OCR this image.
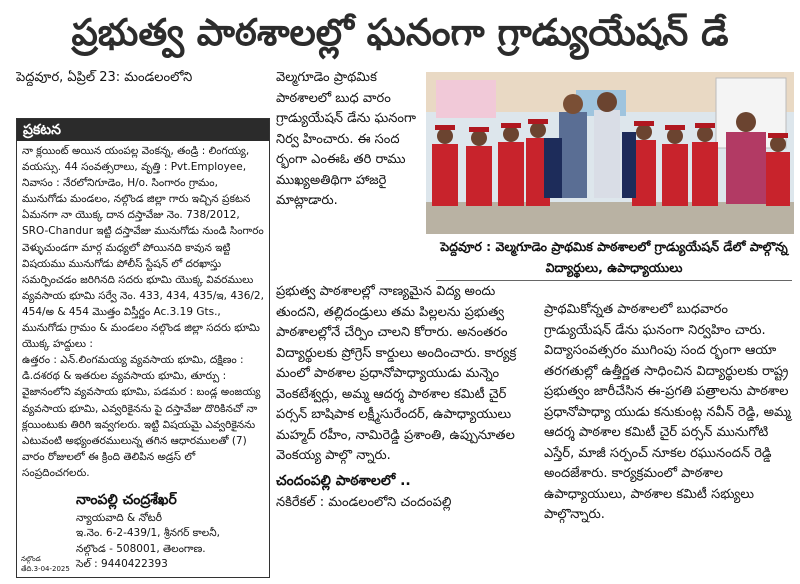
ప్రభుత్వ పాఠశాలల్లో ఘనంగా గ్రాడ్యుయేషన్ డే
పెద్దవూర, ఏప్రిల్ 23: మండలంలోని
ప్రకటన

నా క్లయింట్ అయిన యంపల్ల వెంకన్న, తండ్రి : లింగయ్య, వయస్సు. 44 సంవత్సరాలు, వృత్తి : Pvt.Employee, నివాసం : నేరలోనిగూడెం, H/o. సింగారం గ్రామం, మునుగోడు మండలం, నల్గొండ జిల్లా గారు ఇచ్చిన ప్రకటన ఏమనగా నా యొక్క దాన దస్తావేజు నెం. 738/2012, SRO-Chandur ఇట్టి దస్తావేజు మునుగోడు నుండి సింగారం వెళ్ళుచుండగా మార్గ మధ్యలో పోయినది కావున ఇట్టి విషయము మునుగోడు పోలీస్ స్టేషన్ లో దరఖాస్తు సమర్పించడం జరిగినది సదరు భూమి యొక్క వివరములు వ్యవసాయ భూమి సర్వే నెం. 433, 434, 435/ఇ, 436/2, 454/అ & 454 మొత్తం విస్తీర్ణం Ac.3.19 Gts., మునుగోడు గ్రామం & మండలం నల్గొండ జిల్లా సదరు భూమి యొక్క హద్దులు :

ఉత్తరం : ఎన్.లింగమయ్య వ్యవసాయ భూమి, దక్షిణం : డి.దశరథ & ఇతరుల వ్యవసాయ భూమి, తూర్పు : వైజానంలోని వ్యవసాయ భూమి, పడమర : బండ్ల అంజయ్య వ్యవసాయ భూమి, ఎవ్వరికైనను పై దస్తావేజు దొరికినచో నా క్లయింటుకు తిరిగి ఇవ్వగలరు. ఇట్టి విషయమై ఎవ్వరికైనను ఎటువంటి అభ్యంతరములున్న తగిన ఆధారములతో (7) వారం రోజులలో ఈ క్రింది తెలిపిన అడ్రస్ లో సంప్రదించగలరు.

నాంపల్లి చంద్రశేఖర్
న్యాయవాది & నోటరీ
ఇ.నెం. 6-2-439/1, శ్రీనగర్ కాలనీ,
నల్గొండ - 508001, తెలంగాణ.
సెల్ : 9440422393
నల్గొండ
తేది.3-04-2025

వెల్మగూడెం ప్రాథమిక పాఠశాలలో బుధ వారం గ్రాడ్యుయేషన్ డేను ఘనంగా నిర్వ హించారు. ఈ సంద ర్భంగా ఎంఈఓ తరి రాము ముఖ్యఅతిథిగా హాజరై మాట్లాడారు.

ప్రభుత్వ పాఠశాలల్లో నాణ్యమైన విద్య అందు తుందని, తల్లిదండ్రులు తమ పిల్లలను ప్రభుత్వ పాఠశాలల్లోనే చేర్పిం చాలని కోరారు. అనంతరం విద్యార్థులకు ప్రోగ్రెస్ కార్డులు అందించారు. కార్యక్ర మంలో పాఠశాల ప్రధానోపాధ్యాయుడు మన్నెం వెంకటేశ్వర్లు, అమ్మ ఆదర్శ పాఠశాల కమిటీ చైర్ పర్సన్ బాషిపాక లక్ష్మీసురేందర్, ఉపాధ్యాయులు మహ్మద్ రహీం, నామిరెడ్డి ప్రశాంతి, ఉప్పునూతల వెంకయ్య పాల్గొ న్నారు.

చందంపల్లి పాఠశాలలో ..

నకిరేకల్ : మండలంలోని చందంపల్లి

పెద్దవూర : వెల్మగూడెం ప్రాథమిక పాఠశాలలో గ్రాడ్యుయేషన్ డేలో పాల్గొన్న విద్యార్థులు, ఉపాధ్యాయులు

ప్రాథమికోన్నత పాఠశాలలో బుధవారం గ్రాడ్యుయేషన్ డేను ఘనంగా నిర్వహిం చారు. విద్యాసంవత్సరం ముగింపు సంద ర్భంగా ఆయా తరగతుల్లో ఉత్తీర్ణత సాధించిన విద్యార్థులకు రాష్ట్ర ప్రభుత్వం జారీచేసిన ఈ-ప్రగతి పత్రాలను పాఠశాల ప్రధానోపాధ్యా యుడు కనుకుంట్ల నవీన్ రెడ్డి, అమ్మ ఆదర్శ పాఠశాల కమిటీ చైర్ పర్సన్ మునుగోటి ఎస్తేర్, మాజీ సర్పంచ్ నూకల రఘునందన్ రెడ్డి అందజేశారు. కార్యక్రమంలో పాఠశాల ఉపాధ్యాయులు, పాఠశాల కమిటీ సభ్యులు పాల్గొన్నారు.
